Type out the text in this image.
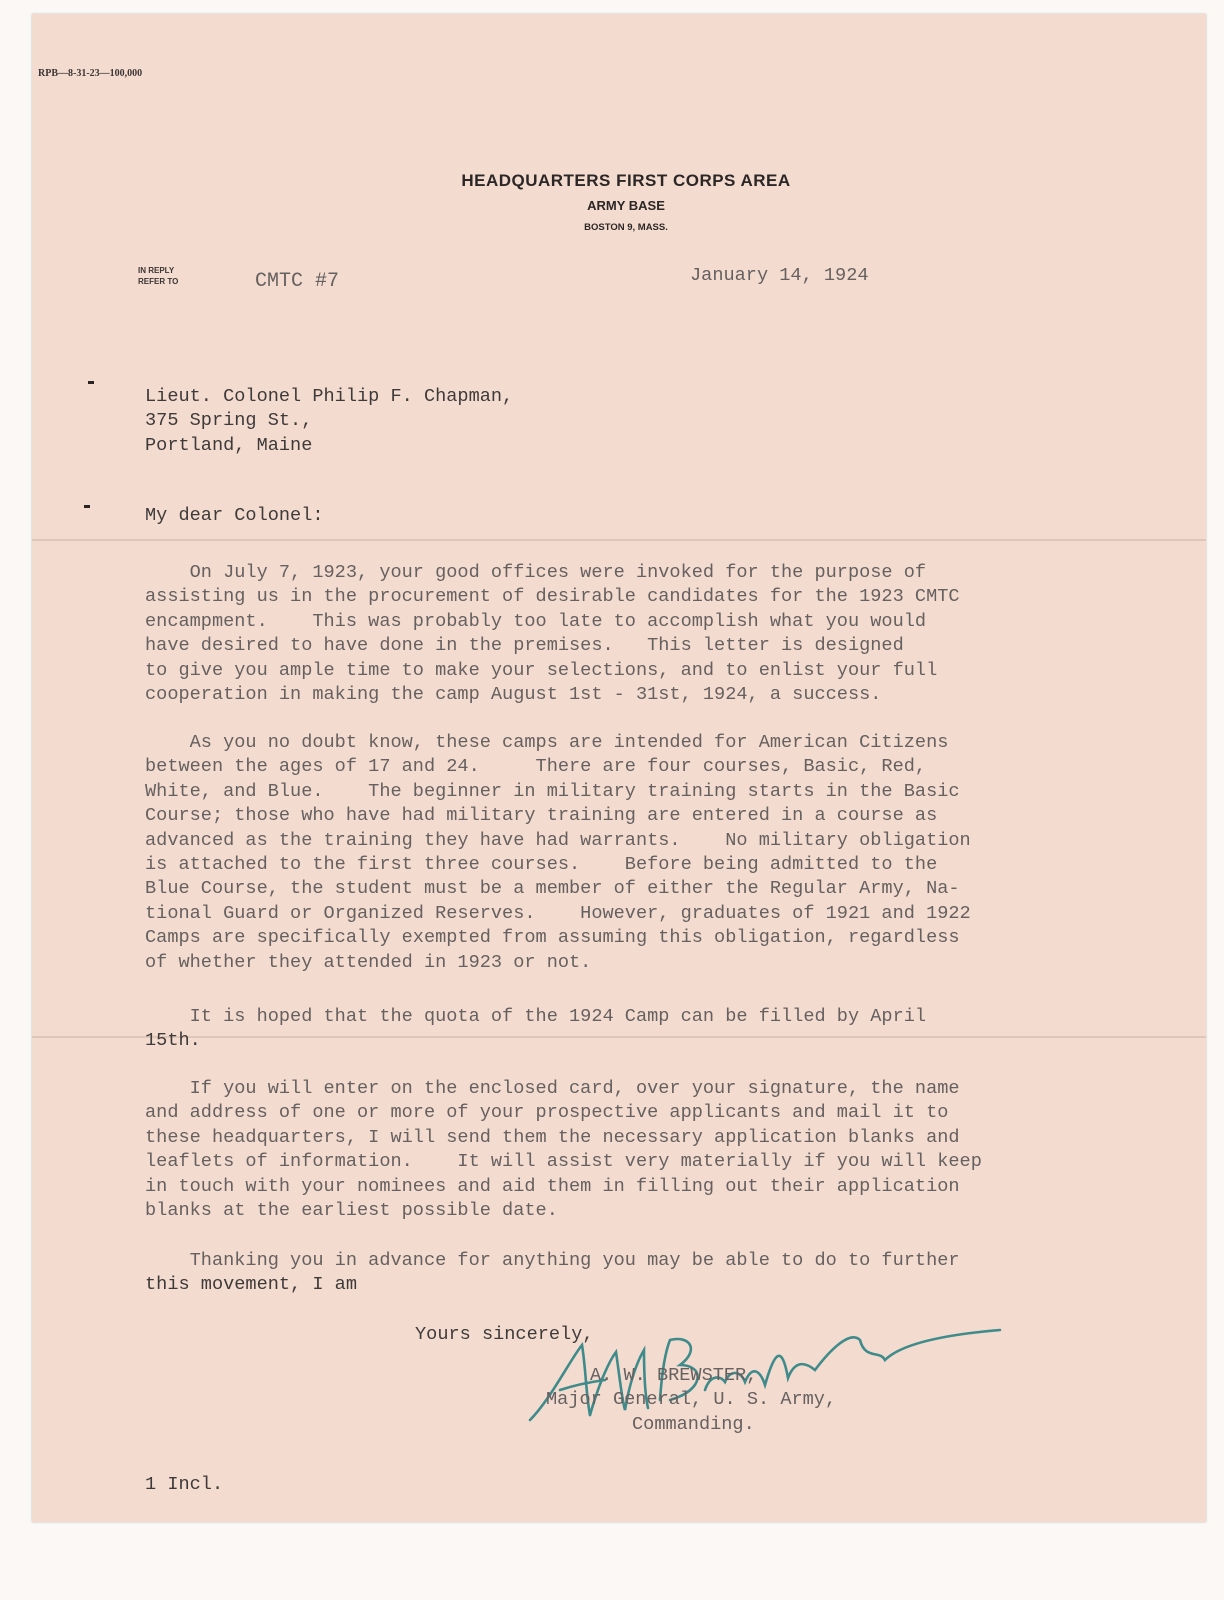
RPB—8-31-23—100,000
HEADQUARTERS FIRST CORPS AREA
ARMY BASE
BOSTON 9, MASS.
IN REPLY
REFER TO	CMTC #7	January 14, 1924
Lieut. Colonel Philip F. Chapman,
375 Spring St.,
Portland, Maine
My dear Colonel:
On July 7, 1923, your good offices were invoked for the purpose of
assisting us in the procurement of desirable candidates for the 1923 CMTC
encampment.    This was probably too late to accomplish what you would
have desired to have done in the premises.   This letter is designed
to give you ample time to make your selections, and to enlist your full
cooperation in making the camp August 1st - 31st, 1924, a success.
As you no doubt know, these camps are intended for American Citizens
between the ages of 17 and 24.     There are four courses, Basic, Red,
White, and Blue.    The beginner in military training starts in the Basic
Course; those who have had military training are entered in a course as
advanced as the training they have had warrants.    No military obligation
is attached to the first three courses.    Before being admitted to the
Blue Course, the student must be a member of either the Regular Army, Na-
tional Guard or Organized Reserves.    However, graduates of 1921 and 1922
Camps are specifically exempted from assuming this obligation, regardless
of whether they attended in 1923 or not.
It is hoped that the quota of the 1924 Camp can be filled by April
15th.
If you will enter on the enclosed card, over your signature, the name
and address of one or more of your prospective applicants and mail it to
these headquarters, I will send them the necessary application blanks and
leaflets of information.    It will assist very materially if you will keep
in touch with your nominees and aid them in filling out their application
blanks at the earliest possible date.
Thanking you in advance for anything you may be able to do to further
this movement, I am
Yours sincerely,
A. W. BREWSTER,
Major General, U. S. Army,
Commanding.
1 Incl.
